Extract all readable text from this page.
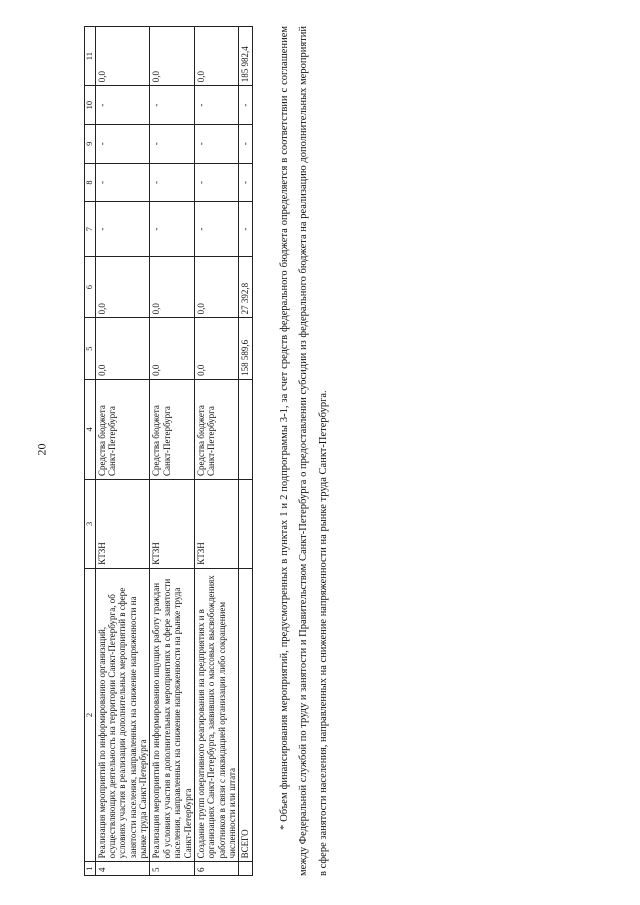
20
1	2	3	4	5	6	7	8	9	10	11
4	Реализация мероприятий по информированию организаций, осуществляющих деятельность на территории Санкт-Петербурга, об условиях участия в реализации дополнительных мероприятий в сфере занятости населения, направленных на снижение напряженности на рынке труда Санкт-Петербурга	КТЗН	Средства бюджета Санкт-Петербурга	0,0	0,0	-	-	-	-	0,0
5	Реализация мероприятий по информированию ищущих работу граждан об условиях участия в дополнительных мероприятиях в сфере занятости населения, направленных на снижение напряженности на рынке труда Санкт-Петербурга	КТЗН	Средства бюджета Санкт-Петербурга	0,0	0,0	-	-	-	-	0,0
6	Создание групп оперативного реагирования на предприятиях и в организациях Санкт-Петербурга, заявивших о массовых высвобождениях работников в связи с ликвидацией организации либо сокращением численности или штата	КТЗН	Средства бюджета Санкт-Петербурга	0,0	0,0	-	-	-	-	0,0
	ВСЕГО			158 589,6	27 392,8	-	-	-	-	185 982,4	* Объем финансирования мероприятий, предусмотренных в пунктах 1 и 2 подпрограммы 3-1, за счет средств федерального бюджета определяется в соответствии с соглашением между Федеральной службой по труду и занятости и Правительством Санкт-Петербурга о предоставлении субсидии из федерального бюджета на реализацию дополнительных мероприятий в сфере занятости населения, направленных на снижение напряженности на рынке труда Санкт-Петербурга.
